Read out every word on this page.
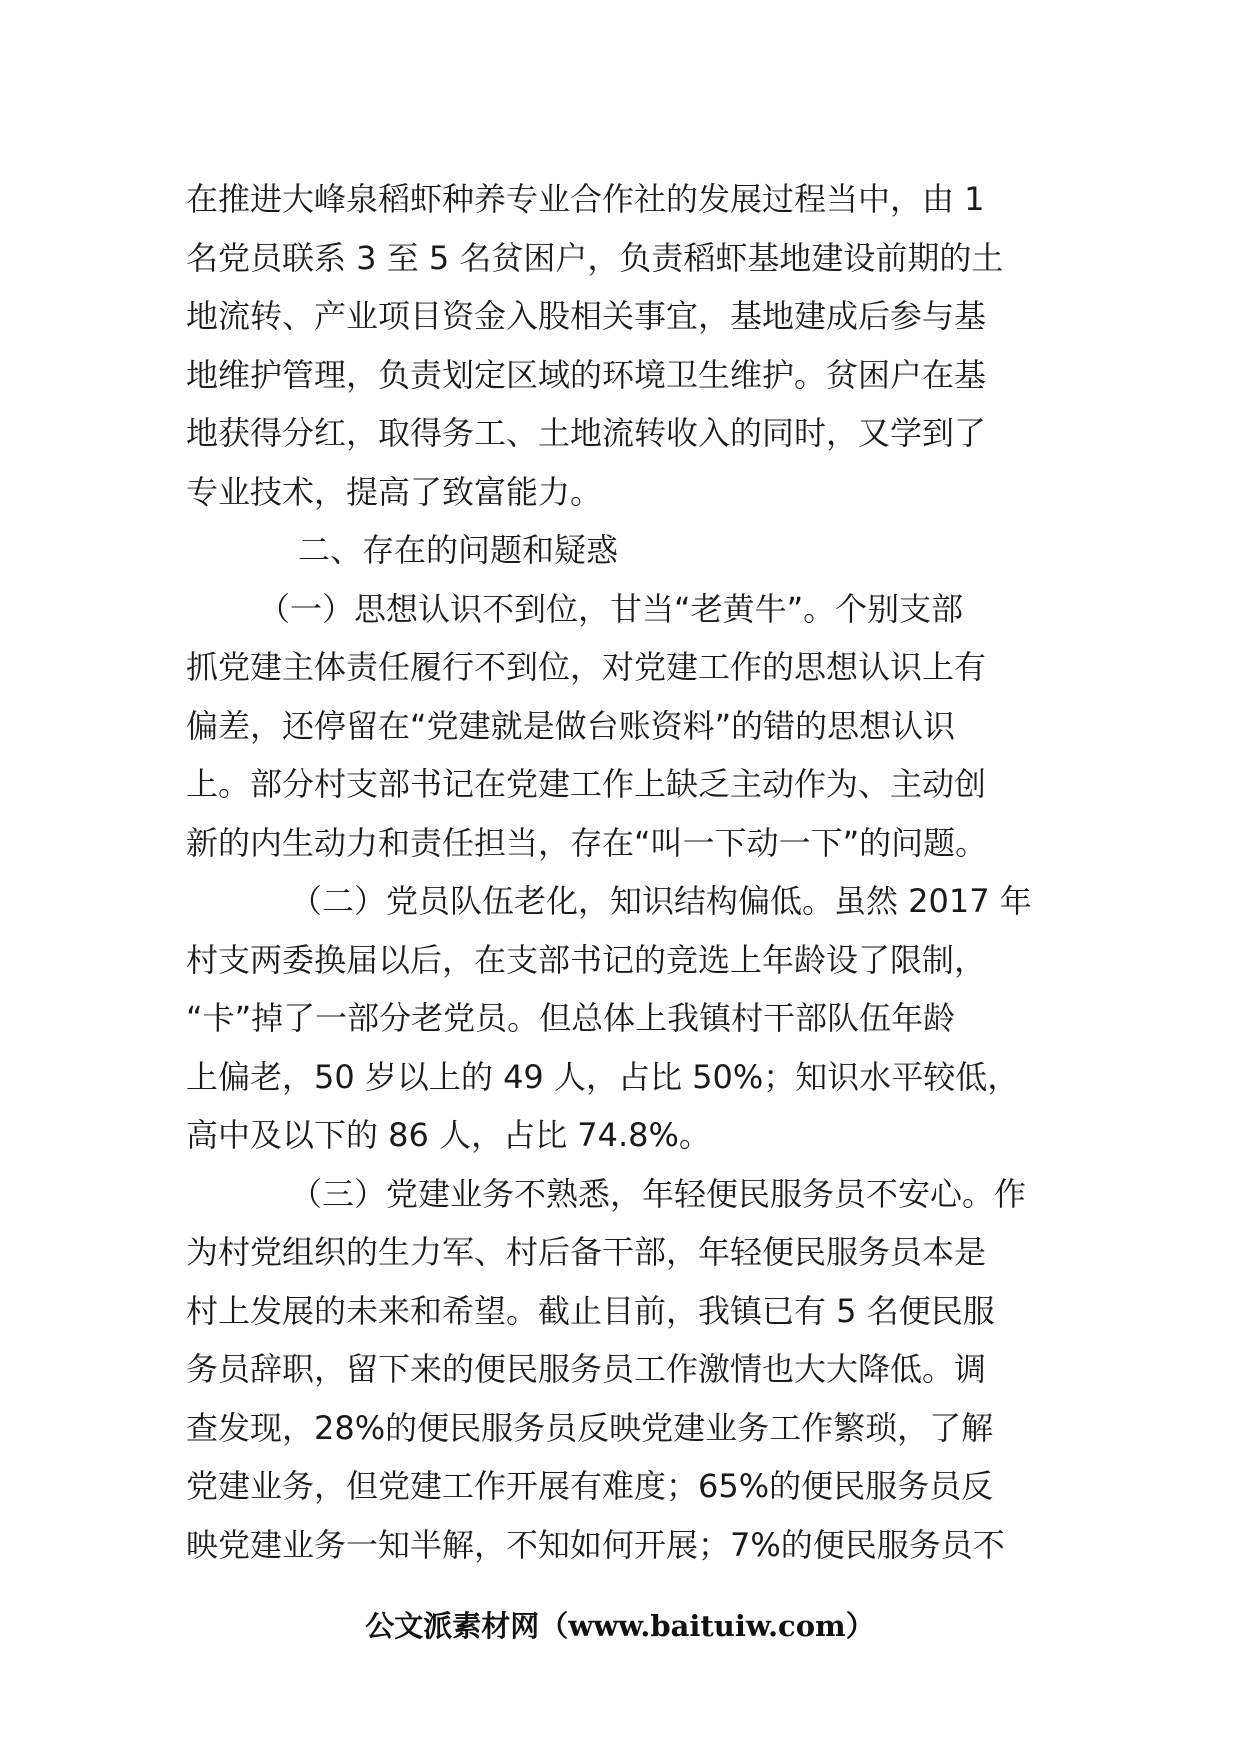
在推进大峰泉稻虾种养专业合作社的发展过程当中，由 1
名党员联系 3 至 5 名贫困户，负责稻虾基地建设前期的土
地流转、产业项目资金入股相关事宜，基地建成后参与基
地维护管理，负责划定区域的环境卫生维护。贫困户在基
地获得分红，取得务工、土地流转收入的同时，又学到了
专业技术，提高了致富能力。
二、存在的问题和疑惑
（一）思想认识不到位，甘当“老黄牛”。个别支部
抓党建主体责任履行不到位，对党建工作的思想认识上有
偏差，还停留在“党建就是做台账资料”的错的思想认识
上。部分村支部书记在党建工作上缺乏主动作为、主动创
新的内生动力和责任担当，存在“叫一下动一下”的问题。
（二）党员队伍老化，知识结构偏低。虽然 2017 年
村支两委换届以后，在支部书记的竞选上年龄设了限制，
“卡”掉了一部分老党员。但总体上我镇村干部队伍年龄
上偏老，50 岁以上的 49 人，占比 50%；知识水平较低，
高中及以下的 86 人，占比 74.8%。
（三）党建业务不熟悉，年轻便民服务员不安心。作
为村党组织的生力军、村后备干部，年轻便民服务员本是
村上发展的未来和希望。截止目前，我镇已有 5 名便民服
务员辞职，留下来的便民服务员工作激情也大大降低。调
查发现，28%的便民服务员反映党建业务工作繁琐，了解
党建业务，但党建工作开展有难度；65%的便民服务员反
映党建业务一知半解，不知如何开展；7%的便民服务员不
公文派素材网（www.baituiw.com）
